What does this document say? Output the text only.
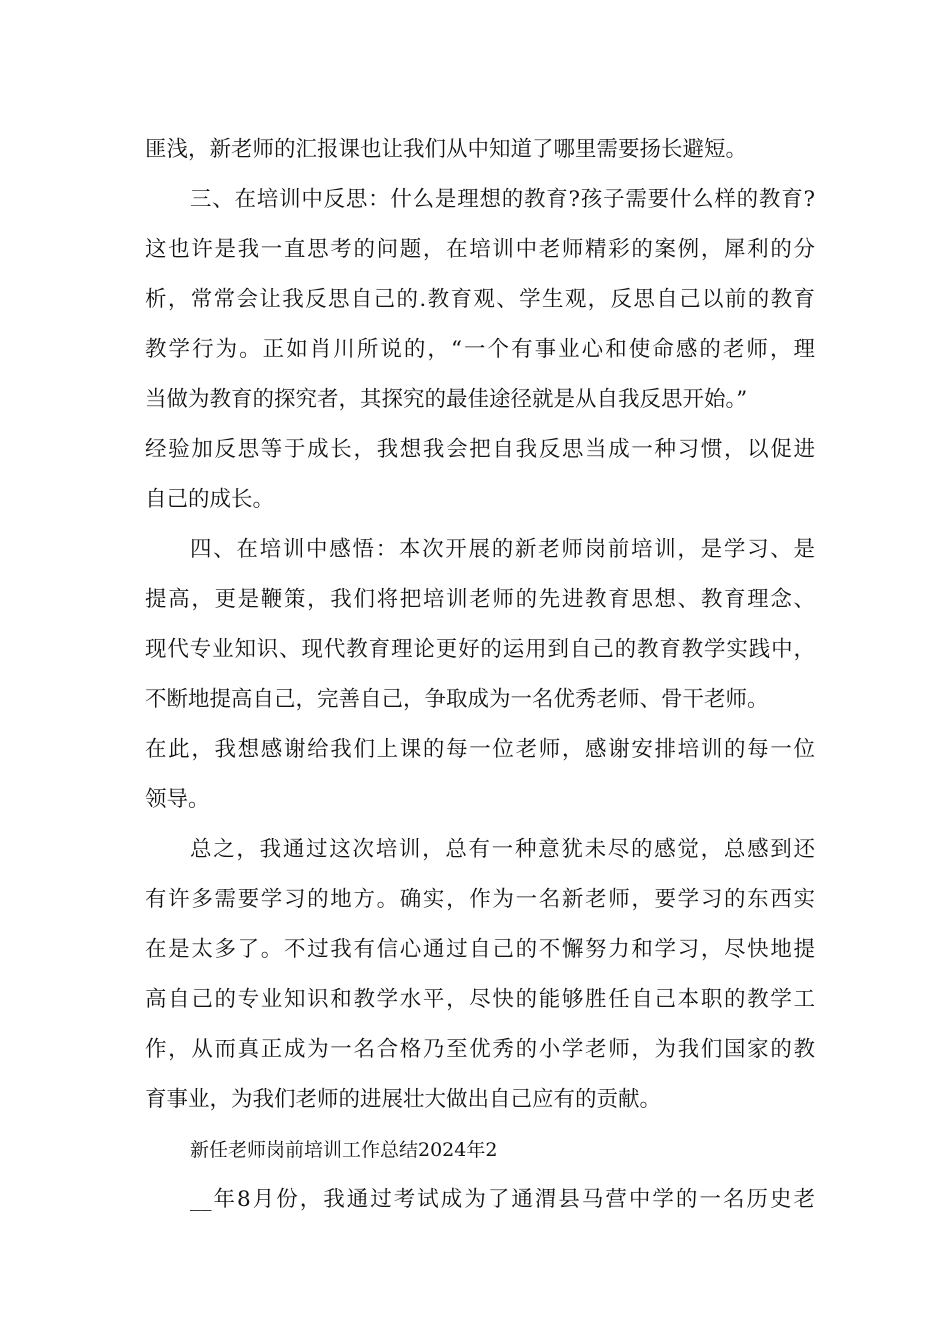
匪浅，新老师的汇报课也让我们从中知道了哪里需要扬长避短。
三、在培训中反思：什么是理想的教育?孩子需要什么样的教育?
这也许是我一直思考的问题，在培训中老师精彩的案例，犀利的分
析，常常会让我反思自己的.教育观、学生观，反思自己以前的教育
教学行为。正如肖川所说的，“一个有事业心和使命感的老师，理
当做为教育的探究者，其探究的最佳途径就是从自我反思开始。”
经验加反思等于成长，我想我会把自我反思当成一种习惯，以促进
自己的成长。
四、在培训中感悟：本次开展的新老师岗前培训，是学习、是
提高，更是鞭策，我们将把培训老师的先进教育思想、教育理念、
现代专业知识、现代教育理论更好的运用到自己的教育教学实践中，
不断地提高自己，完善自己，争取成为一名优秀老师、骨干老师。
在此，我想感谢给我们上课的每一位老师，感谢安排培训的每一位
领导。
总之，我通过这次培训，总有一种意犹未尽的感觉，总感到还
有许多需要学习的地方。确实，作为一名新老师，要学习的东西实
在是太多了。不过我有信心通过自己的不懈努力和学习，尽快地提
高自己的专业知识和教学水平，尽快的能够胜任自己本职的教学工
作，从而真正成为一名合格乃至优秀的小学老师，为我们国家的教
育事业，为我们老师的进展壮大做出自己应有的贡献。
新任老师岗前培训工作总结2024年2
__年8月份，我通过考试成为了通渭县马营中学的一名历史老
